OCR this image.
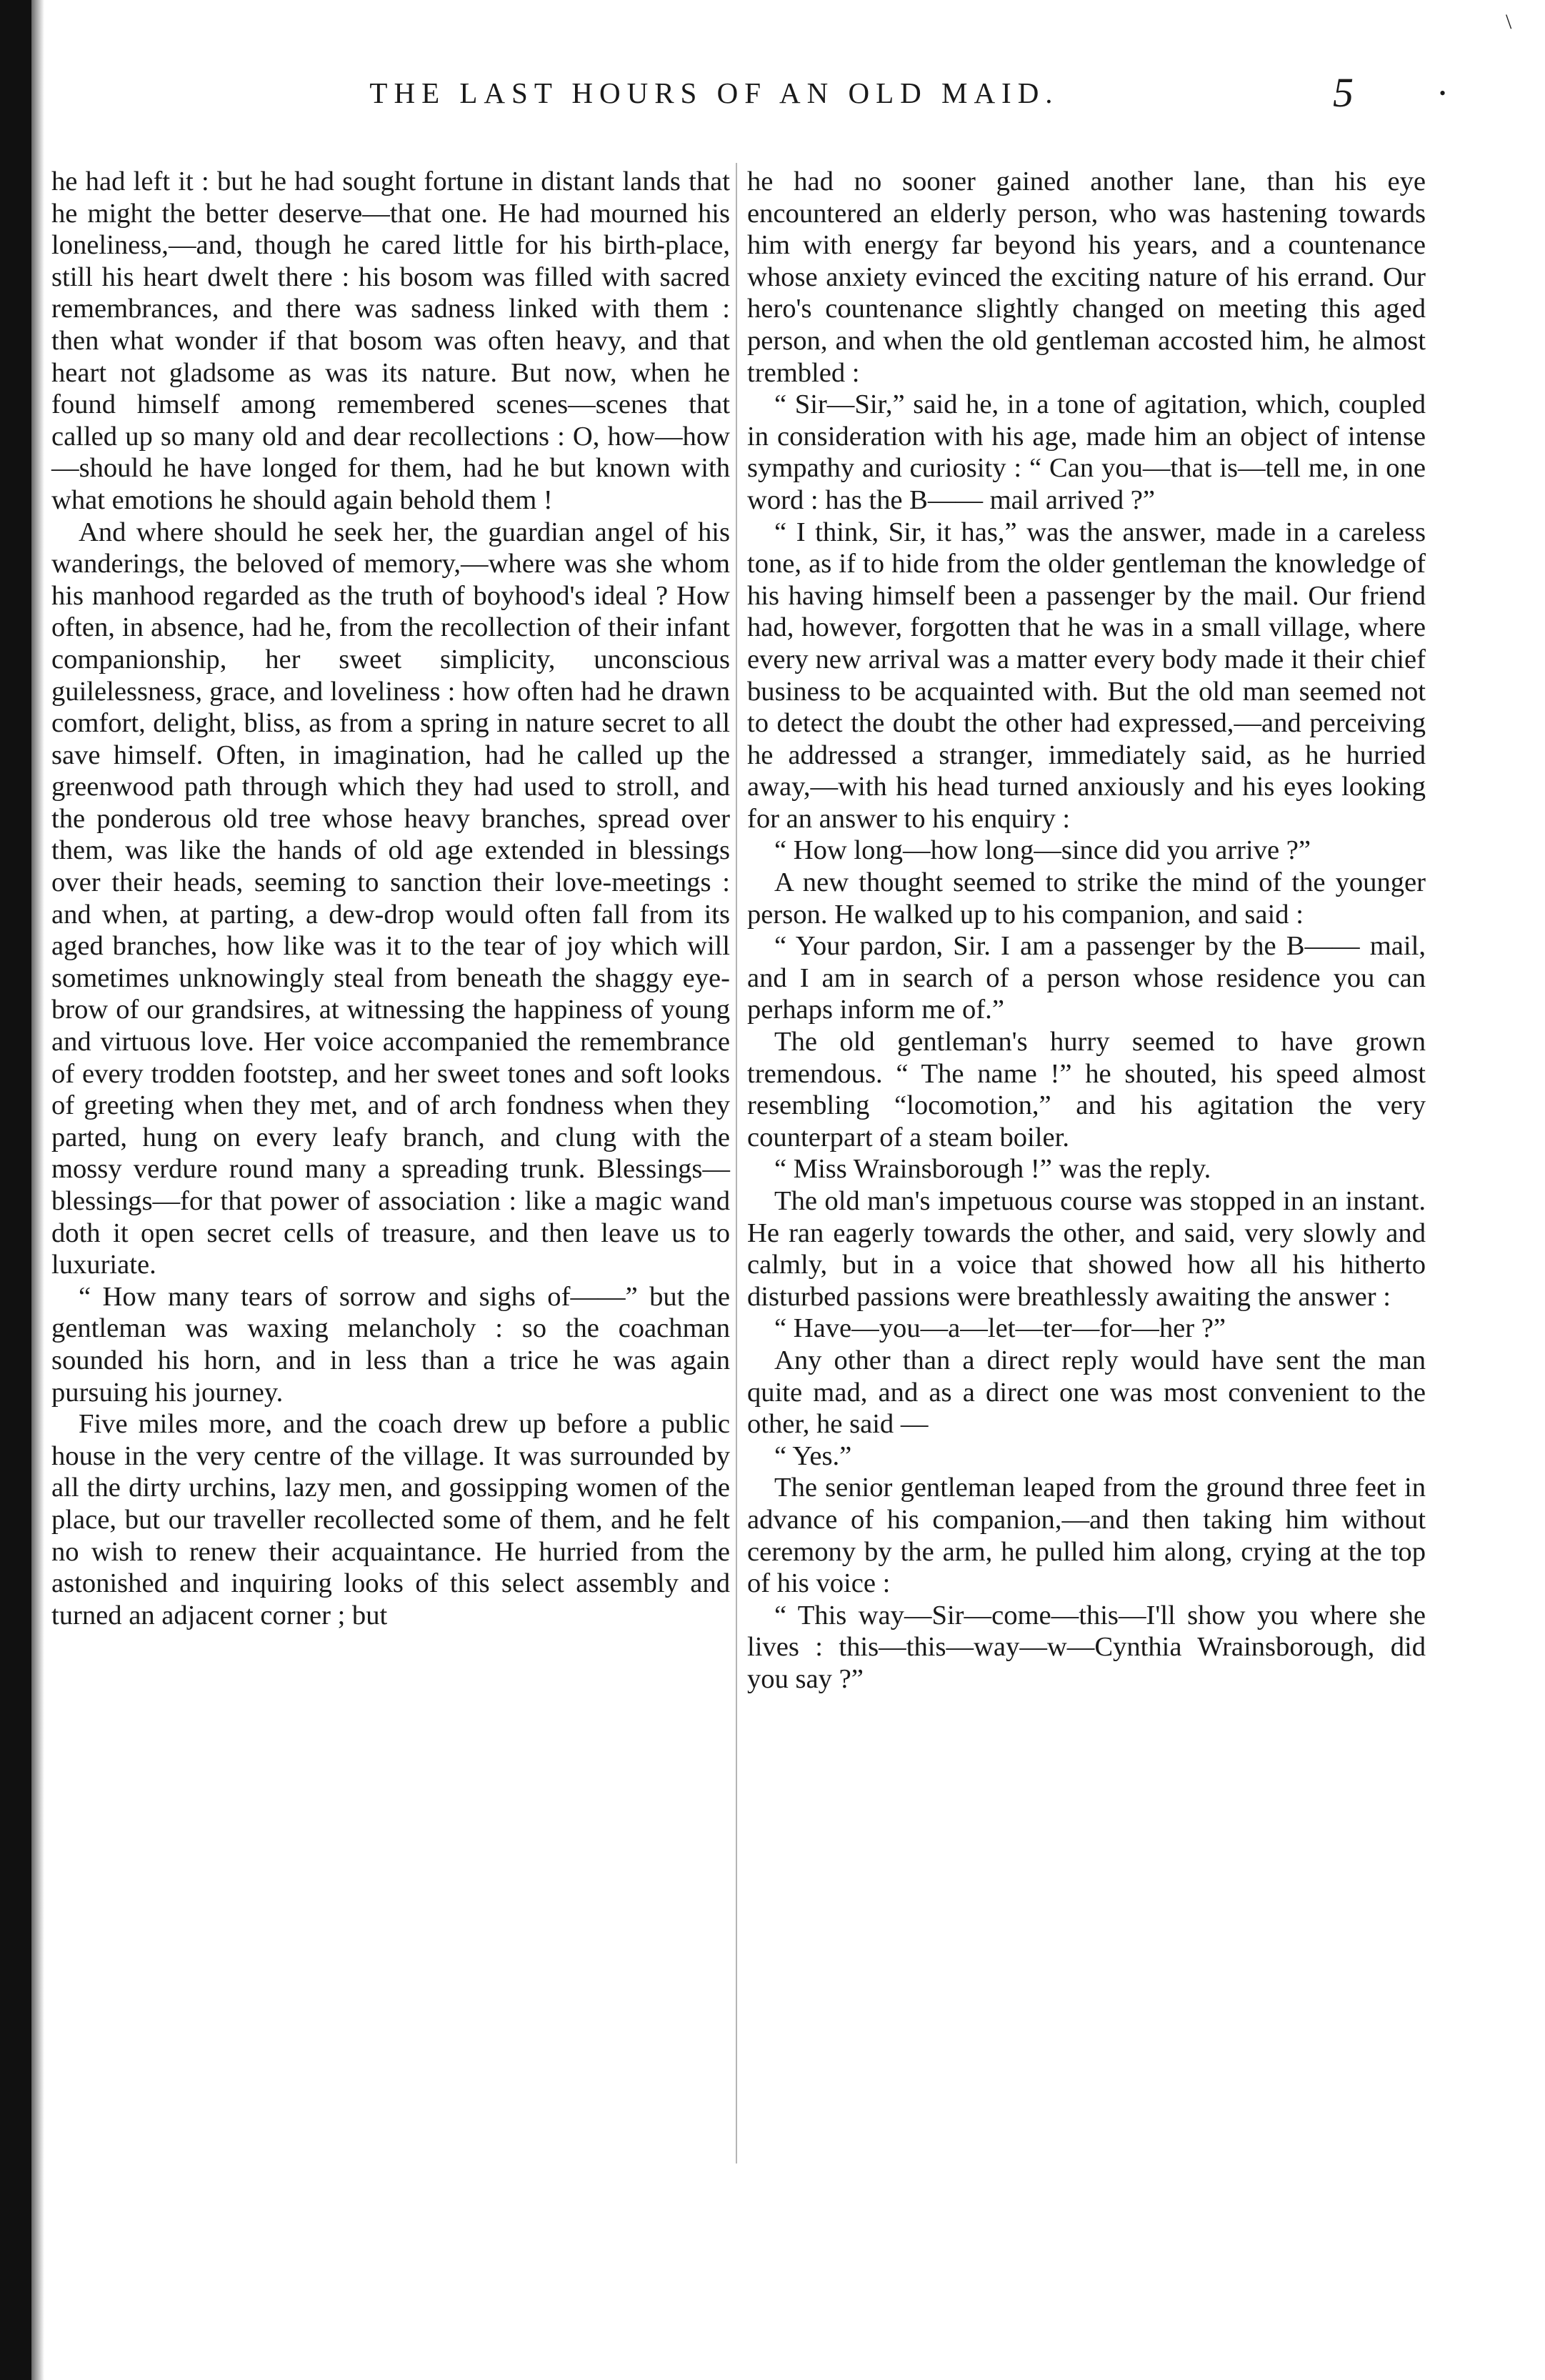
THE LAST HOURS OF AN OLD MAID.	5
\
•

he had left it : but he had sought fortune in distant lands that he might the better deserve—that one. He had mourned his loneliness,—and, though he cared little for his birth-place, still his heart dwelt there : his bosom was filled with sacred remembrances, and there was sadness linked with them : then what wonder if that bosom was often heavy, and that heart not gladsome as was its nature. But now, when he found himself among remembered scenes—scenes that called up so many old and dear recollections : O, how—how—should he have longed for them, had he but known with what emotions he should again behold them !

And where should he seek her, the guardian angel of his wanderings, the beloved of memory,—where was she whom his manhood regarded as the truth of boyhood's ideal ? How often, in absence, had he, from the recollection of their infant companionship, her sweet simplicity, unconscious guilelessness, grace, and loveliness : how often had he drawn comfort, delight, bliss, as from a spring in nature secret to all save himself. Often, in imagination, had he called up the greenwood path through which they had used to stroll, and the ponderous old tree whose heavy branches, spread over them, was like the hands of old age extended in blessings over their heads, seeming to sanction their love-meetings : and when, at parting, a dew-drop would often fall from its aged branches, how like was it to the tear of joy which will sometimes unknowingly steal from beneath the shaggy eye-brow of our grandsires, at witnessing the happiness of young and virtuous love. Her voice accompanied the remembrance of every trodden footstep, and her sweet tones and soft looks of greeting when they met, and of arch fondness when they parted, hung on every leafy branch, and clung with the mossy verdure round many a spreading trunk. Blessings—blessings—for that power of association : like a magic wand doth it open secret cells of treasure, and then leave us to luxuriate.

“ How many tears of sorrow and sighs of——” but the gentleman was waxing melancholy : so the coachman sounded his horn, and in less than a trice he was again pursuing his journey.

Five miles more, and the coach drew up before a public house in the very centre of the village. It was surrounded by all the dirty urchins, lazy men, and gossipping women of the place, but our traveller recollected some of them, and he felt no wish to renew their acquaintance. He hurried from the astonished and inquiring looks of this select assembly and turned an adjacent corner ; but

he had no sooner gained another lane, than his eye encountered an elderly person, who was hastening towards him with energy far beyond his years, and a countenance whose anxiety evinced the exciting nature of his errand. Our hero's countenance slightly changed on meeting this aged person, and when the old gentleman accosted him, he almost trembled :

“ Sir—Sir,” said he, in a tone of agitation, which, coupled in consideration with his age, made him an object of intense sympathy and curiosity : “ Can you—that is—tell me, in one word : has the B—— mail arrived ?”

“ I think, Sir, it has,” was the answer, made in a careless tone, as if to hide from the older gentleman the knowledge of his having himself been a passenger by the mail. Our friend had, however, forgotten that he was in a small village, where every new arrival was a matter every body made it their chief business to be acquainted with. But the old man seemed not to detect the doubt the other had expressed,—and perceiving he addressed a stranger, immediately said, as he hurried away,—with his head turned anxiously and his eyes looking for an answer to his enquiry :

“ How long—how long—since did you arrive ?”

A new thought seemed to strike the mind of the younger person. He walked up to his companion, and said :

“ Your pardon, Sir. I am a passenger by the B—— mail, and I am in search of a person whose residence you can perhaps inform me of.”

The old gentleman's hurry seemed to have grown tremendous. “ The name !” he shouted, his speed almost resembling “locomotion,” and his agitation the very counterpart of a steam boiler.

“ Miss Wrainsborough !” was the reply.

The old man's impetuous course was stopped in an instant. He ran eagerly towards the other, and said, very slowly and calmly, but in a voice that showed how all his hitherto disturbed passions were breathlessly awaiting the answer :

“ Have—you—a—let—ter—for—her ?”

Any other than a direct reply would have sent the man quite mad, and as a direct one was most convenient to the other, he said —

“ Yes.”

The senior gentleman leaped from the ground three feet in advance of his companion,—and then taking him without ceremony by the arm, he pulled him along, crying at the top of his voice :

“ This way—Sir—come—this—I'll show you where she lives : this—this—way—w—Cynthia Wrainsborough, did you say ?”
